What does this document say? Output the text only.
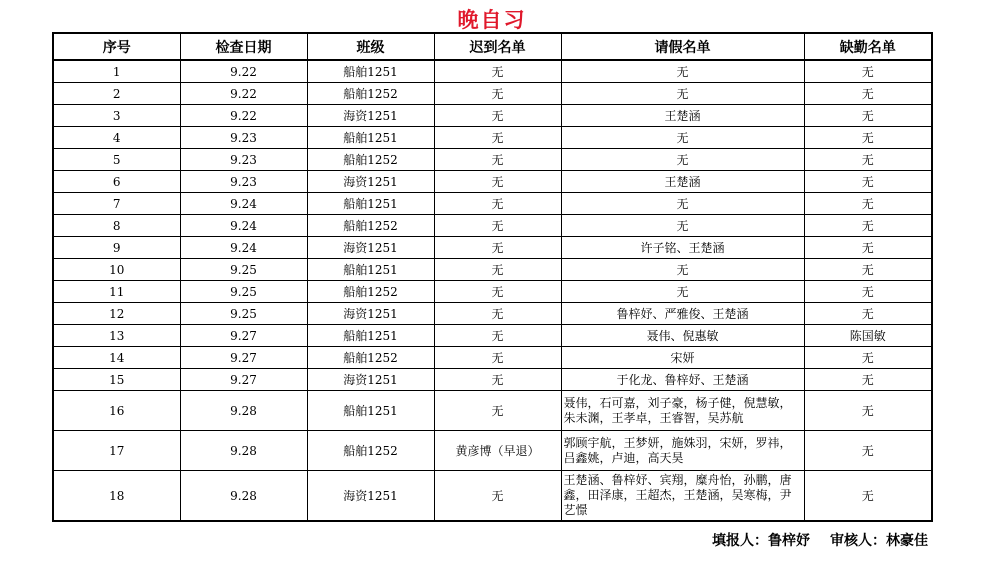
晚自习
序号	检查日期	班级	迟到名单	请假名单	缺勤名单
1	9.22	船舶1251	无	无	无
2	9.22	船舶1252	无	无	无
3	9.22	海资1251	无	王楚涵	无
4	9.23	船舶1251	无	无	无
5	9.23	船舶1252	无	无	无
6	9.23	海资1251	无	王楚涵	无
7	9.24	船舶1251	无	无	无
8	9.24	船舶1252	无	无	无
9	9.24	海资1251	无	许子铭、王楚涵	无
10	9.25	船舶1251	无	无	无
11	9.25	船舶1252	无	无	无
12	9.25	海资1251	无	鲁梓妤、严雅俊、王楚涵	无
13	9.27	船舶1251	无	聂伟、倪惠敏	陈国敏
14	9.27	船舶1252	无	宋妍	无
15	9.27	海资1251	无	于化龙、鲁梓妤、王楚涵	无
16	9.28	船舶1251	无	聂伟，石可嘉，刘子豪，杨子健，倪慧敏，朱未渊，王孝卓，王睿智，吴苏航	无
17	9.28	船舶1252	黄彦博（早退）	郭顾宇航，王梦妍，施姝羽，宋妍，罗祎，吕鑫姚，卢迪，高天昊	无
18	9.28	海资1251	无	王楚涵、鲁梓妤、宾翔，糜舟怡，孙鹏，唐鑫，田泽康，王超杰，王楚涵，吴寒梅，尹艺憬	无
填报人：鲁梓妤 审核人：林豪佳
